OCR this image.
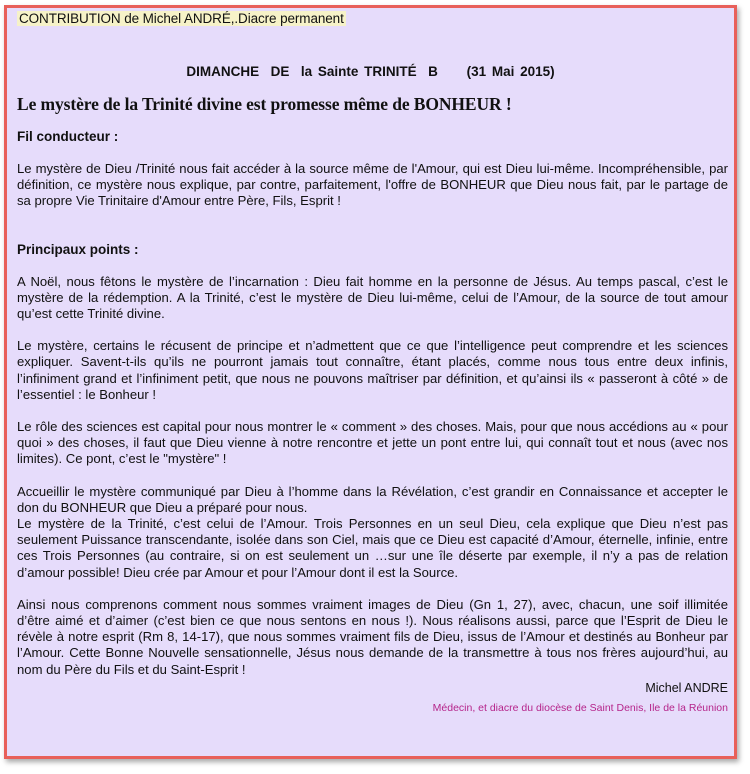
CONTRIBUTION de Michel ANDRÉ,.Diacre permanent
DIMANCHE  DE  la Sainte TRINITÉ  B     (31 Mai 2015)
Le mystère de la Trinité divine est promesse même de BONHEUR !
Fil conducteur :

Le mystère de Dieu /Trinité nous fait accéder à la source même de l'Amour, qui est Dieu lui-même. Incompréhensible, par définition, ce mystère nous explique, par contre, parfaitement, l'offre de BONHEUR que Dieu nous fait, par le partage de sa propre Vie Trinitaire d'Amour entre Père, Fils, Esprit !

Principaux points :

A Noël, nous fêtons le mystère de l’incarnation : Dieu fait homme en la personne de Jésus. Au temps pascal, c’est le mystère de la rédemption. A la Trinité, c’est le mystère de Dieu lui-même, celui de l’Amour, de la source de tout amour qu’est cette Trinité divine.

Le mystère, certains le récusent de principe et n’admettent que ce que l’intelligence peut comprendre et les sciences expliquer. Savent-t-ils qu’ils ne pourront jamais tout connaître, étant placés, comme nous tous entre deux infinis, l’infiniment grand et l’infiniment petit, que nous ne pouvons maîtriser par définition, et qu’ainsi ils « passeront à côté » de l’essentiel : le Bonheur !

Le rôle des sciences est capital pour nous montrer le « comment » des choses. Mais, pour que nous accédions au « pour quoi » des choses, il faut que Dieu vienne à notre rencontre et jette un pont entre lui, qui connaît tout et nous (avec nos limites). Ce pont, c’est le "mystère" !

Accueillir le mystère communiqué par Dieu à l’homme dans la Révélation, c’est grandir en Connaissance et accepter le don du BONHEUR que Dieu a préparé pour nous.

Le mystère de la Trinité, c’est celui de l’Amour. Trois Personnes en un seul Dieu, cela explique que Dieu n’est pas seulement Puissance transcendante, isolée dans son Ciel, mais que ce Dieu est capacité d’Amour, éternelle, infinie, entre ces Trois Personnes (au contraire, si on est seulement un …sur une île déserte par exemple, il n’y a pas de relation d’amour possible! Dieu crée par Amour et pour l’Amour dont il est la Source.

Ainsi nous comprenons comment nous sommes vraiment images de Dieu (Gn 1, 27), avec, chacun, une soif illimitée d’être aimé et d’aimer (c’est bien ce que nous sentons en nous !). Nous réalisons aussi, parce que l’Esprit de Dieu le révèle à notre esprit (Rm 8, 14-17), que nous sommes vraiment fils de Dieu, issus de l’Amour et destinés au Bonheur par l’Amour. Cette Bonne Nouvelle sensationnelle, Jésus nous demande de la transmettre à tous nos frères aujourd’hui, au nom du Père du Fils et du Saint-Esprit !

Michel ANDRE
Médecin, et diacre du diocèse de Saint Denis, Ile de la Réunion
